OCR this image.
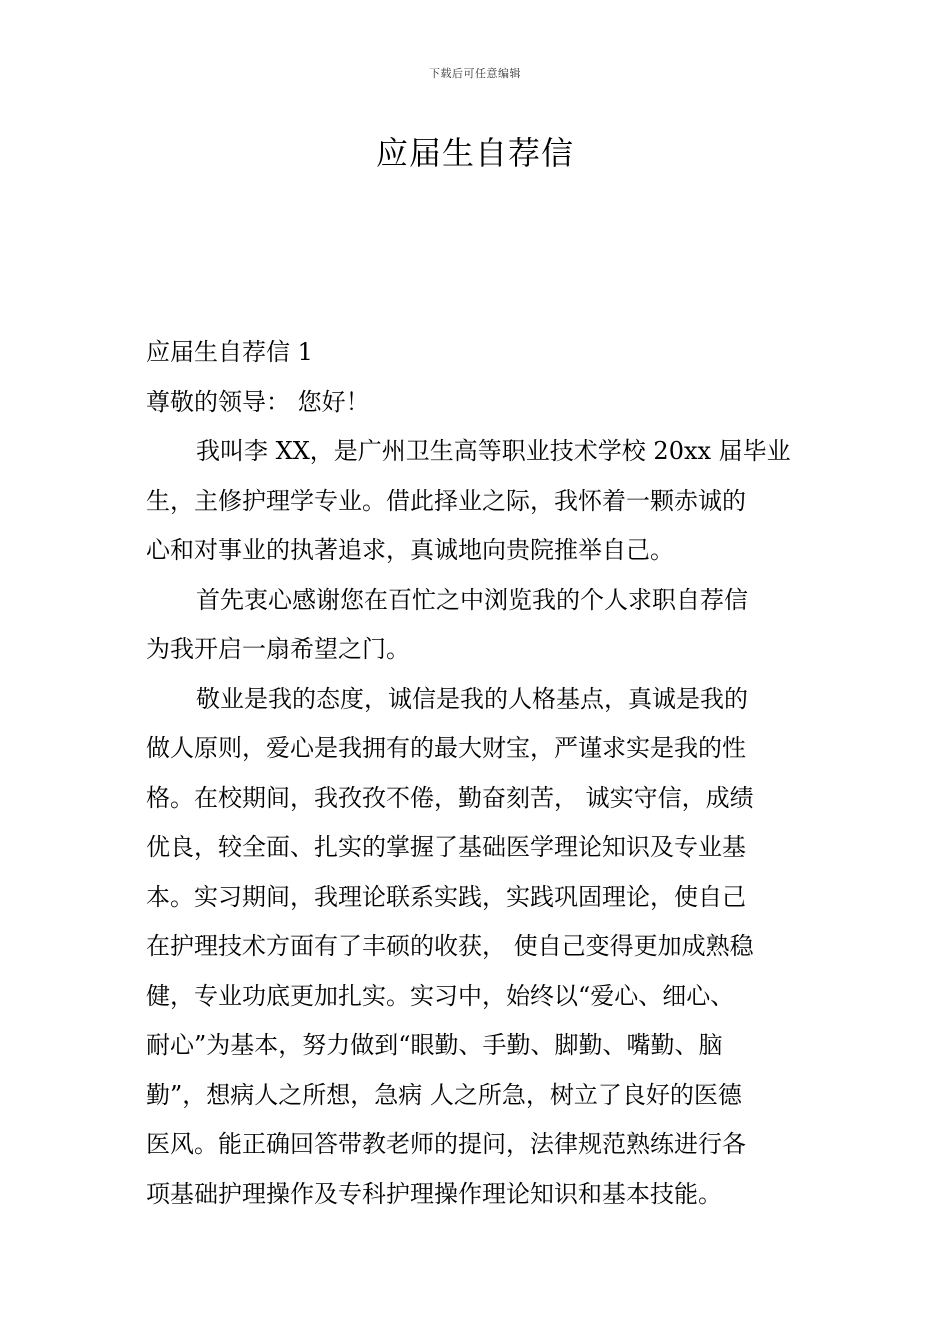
下载后可任意编辑
应届生自荐信

应届生自荐信 1

尊敬的领导： 您好！

我叫李 XX，是广州卫生高等职业技术学校 20xx 届毕业

生，主修护理学专业。借此择业之际，我怀着一颗赤诚的

心和对事业的执著追求，真诚地向贵院推举自己。

首先衷心感谢您在百忙之中浏览我的个人求职自荐信

为我开启一扇希望之门。

敬业是我的态度，诚信是我的人格基点，真诚是我的

做人原则，爱心是我拥有的最大财宝，严谨求实是我的性

格。在校期间，我孜孜不倦，勤奋刻苦， 诚实守信，成绩

优良，较全面、扎实的掌握了基础医学理论知识及专业基

本。实习期间，我理论联系实践，实践巩固理论，使自己

在护理技术方面有了丰硕的收获， 使自己变得更加成熟稳

健，专业功底更加扎实。实习中，始终以“爱心、细心、

耐心”为基本，努力做到“眼勤、手勤、脚勤、嘴勤、脑

勤”，想病人之所想，急病 人之所急，树立了良好的医德

医风。能正确回答带教老师的提问，法律规范熟练进行各

项基础护理操作及专科护理操作理论知识和基本技能。
